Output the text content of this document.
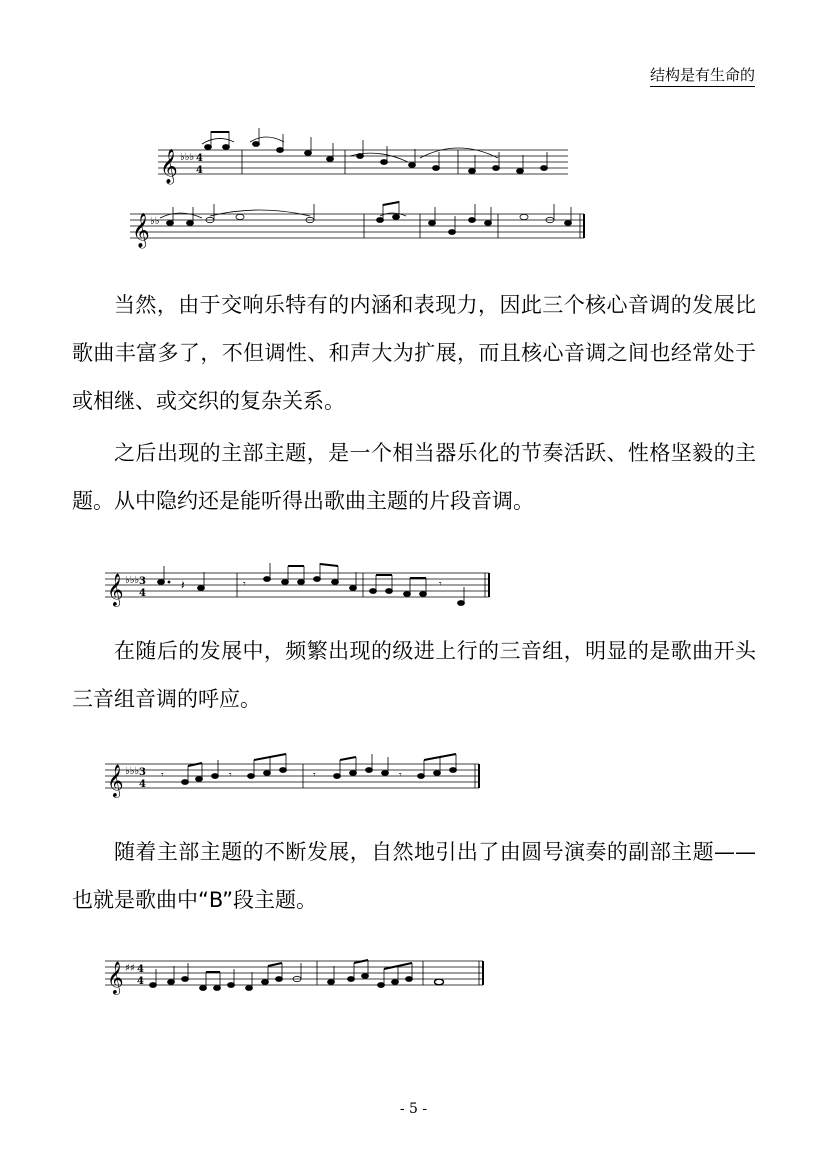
结构是有生命的
𝄞 ♭♭♭ 4
4
𝄞 ♭♭

当然，由于交响乐特有的内涵和表现力，因此三个核心音调的发展比歌曲丰富多了，不但调性、和声大为扩展，而且核心音调之间也经常处于或相继、或交织的复杂关系。

之后出现的主部主题，是一个相当器乐化的节奏活跃、性格坚毅的主题。从中隐约还是能听得出歌曲主题的片段音调。

𝄞 ♭♭♭ 3
4
𝄽	𝄾	𝄾

在随后的发展中，频繁出现的级进上行的三音组，明显的是歌曲开头三音组音调的呼应。

𝄞 ♭♭♭ 3
4
𝄾	𝄾	𝄾	𝄾

随着主部主题的不断发展，自然地引出了由圆号演奏的副部主题——也就是歌曲中“B”段主题。

𝄞 ♯♯ 4
4
- 5 -
